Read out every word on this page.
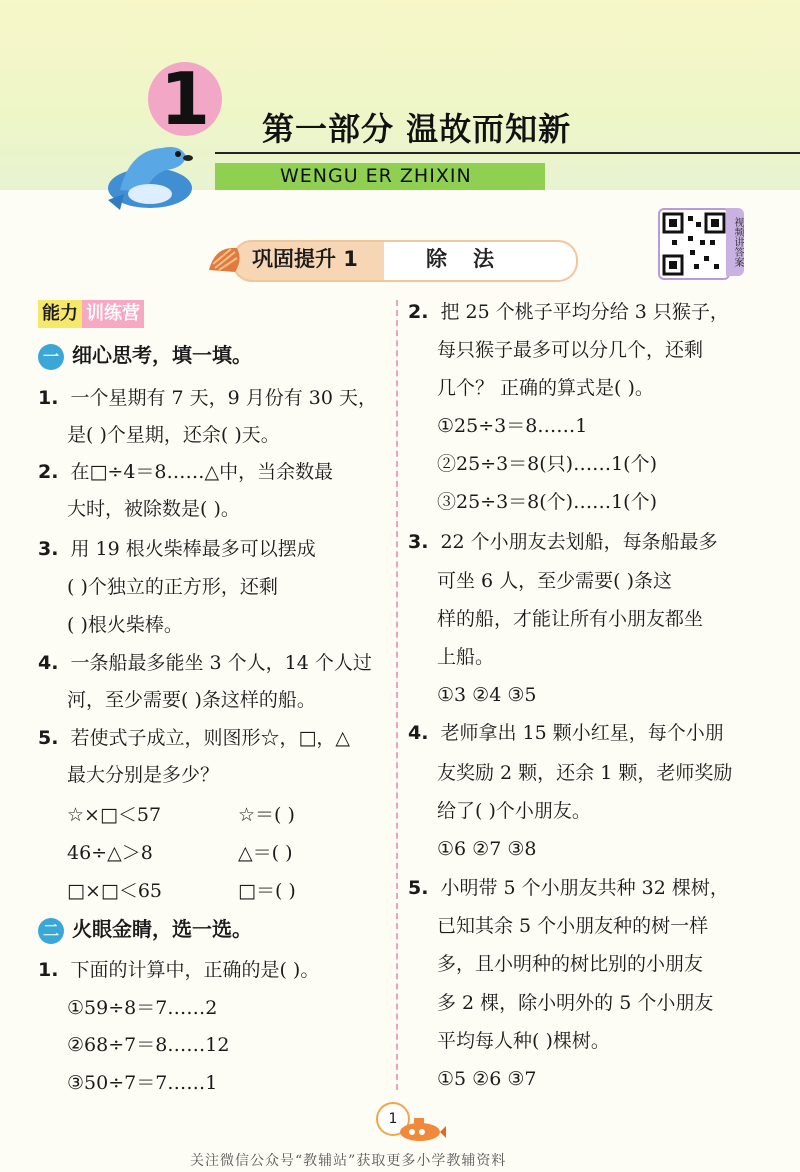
1 第一部分 温故而知新
WENGU ER ZHIXIN
视频讲答案
巩固提升 1	除法
能力 训练营
一 细心思考，填一填。
1. 一个星期有 7 天，9 月份有 30 天，
是( )个星期，还余( )天。
2. 在□÷4＝8……△中，当余数最
大时，被除数是( )。
3. 用 19 根火柴棒最多可以摆成
( )个独立的正方形，还剩
( )根火柴棒。
4. 一条船最多能坐 3 个人，14 个人过
河，至少需要( )条这样的船。
5. 若使式子成立，则图形☆，□，△
最大分别是多少？
☆×□＜57	☆＝( )
46÷△＞8	△＝( )
□×□＜65	□＝( )
二 火眼金睛，选一选。
1. 下面的计算中，正确的是( )。
①59÷8＝7……2
②68÷7＝8……12
③50÷7＝7……1
2. 把 25 个桃子平均分给 3 只猴子，
每只猴子最多可以分几个，还剩
几个？ 正确的算式是( )。
①25÷3＝8……1
②25÷3＝8(只)……1(个)
③25÷3＝8(个)……1(个)
3. 22 个小朋友去划船，每条船最多
可坐 6 人，至少需要( )条这
样的船，才能让所有小朋友都坐
上船。
①3 ②4 ③5
4. 老师拿出 15 颗小红星，每个小朋
友奖励 2 颗，还余 1 颗，老师奖励
给了( )个小朋友。
①6 ②7 ③8
5. 小明带 5 个小朋友共种 32 棵树，
已知其余 5 个小朋友种的树一样
多，且小明种的树比别的小朋友
多 2 棵，除小明外的 5 个小朋友
平均每人种( )棵树。
①5 ②6 ③7
1
关注微信公众号“教辅站”获取更多小学教辅资料
